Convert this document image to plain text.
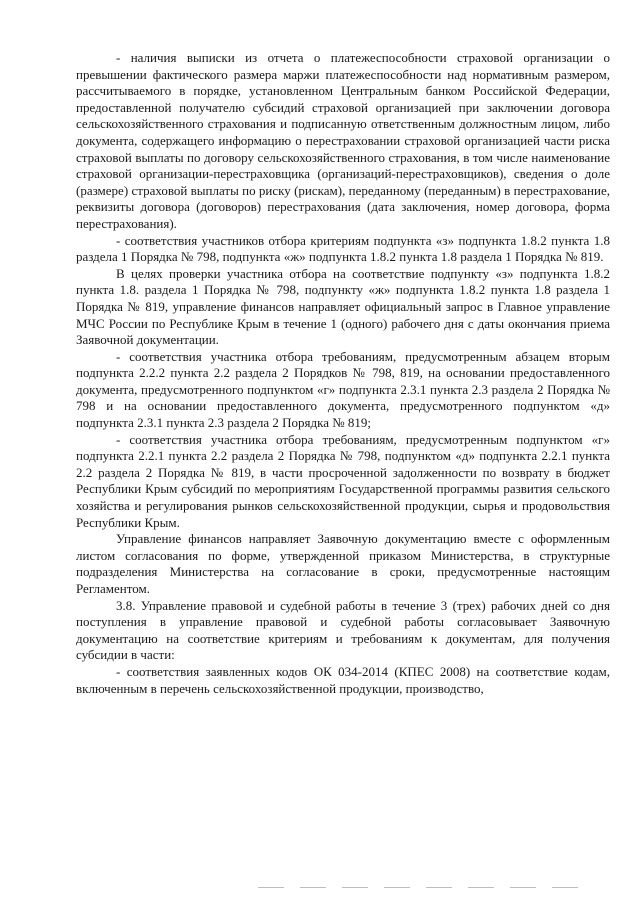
- наличия выписки из отчета о платежеспособности страховой организации о превышении фактического размера маржи платежеспособности над нормативным размером, рассчитываемого в порядке, установленном Центральным банком Российской Федерации, предоставленной получателю субсидий страховой организацией при заключении договора сельскохозяйственного страхования и подписанную ответственным должностным лицом, либо документа, содержащего информацию о перестраховании страховой организацией части риска страховой выплаты по договору сельскохозяйственного страхования, в том числе наименование страховой организации-перестраховщика (организаций-перестраховщиков), сведения о доле (размере) страховой выплаты по риску (рискам), переданному (переданным) в перестрахование, реквизиты договора (договоров) перестрахования (дата заключения, номер договора, форма перестрахования).

- соответствия участников отбора критериям подпункта «з» подпункта 1.8.2 пункта 1.8 раздела 1 Порядка № 798, подпункта «ж» подпункта 1.8.2 пункта 1.8 раздела 1 Порядка № 819.

В целях проверки участника отбора на соответствие подпункту «з» подпункта 1.8.2 пункта 1.8. раздела 1 Порядка № 798, подпункту «ж» подпункта 1.8.2 пункта 1.8 раздела 1 Порядка № 819, управление финансов направляет официальный запрос в Главное управление МЧС России по Республике Крым в течение 1 (одного) рабочего дня с даты окончания приема Заявочной документации.

- соответствия участника отбора требованиям, предусмотренным абзацем вторым подпункта 2.2.2 пункта 2.2 раздела 2 Порядков № 798, 819, на основании предоставленного документа, предусмотренного подпунктом «г» подпункта 2.3.1 пункта 2.3 раздела 2 Порядка № 798 и на основании предоставленного документа, предусмотренного подпунктом «д» подпункта 2.3.1 пункта 2.3 раздела 2 Порядка № 819;

- соответствия участника отбора требованиям, предусмотренным подпунктом «г» подпункта 2.2.1 пункта 2.2 раздела 2 Порядка № 798, подпунктом «д» подпункта 2.2.1 пункта 2.2 раздела 2 Порядка № 819, в части просроченной задолженности по возврату в бюджет Республики Крым субсидий по мероприятиям Государственной программы развития сельского хозяйства и регулирования рынков сельскохозяйственной продукции, сырья и продовольствия Республики Крым.

Управление финансов направляет Заявочную документацию вместе с оформленным листом согласования по форме, утвержденной приказом Министерства, в структурные подразделения Министерства на согласование в сроки, предусмотренные настоящим Регламентом.

3.8. Управление правовой и судебной работы в течение 3 (трех) рабочих дней со дня поступления в управление правовой и судебной работы согласовывает Заявочную документацию на соответствие критериям и требованиям к документам, для получения субсидии в части:

- соответствия заявленных кодов ОК 034-2014 (КПЕС 2008) на соответствие кодам, включенным в перечень сельскохозяйственной продукции, производство,
